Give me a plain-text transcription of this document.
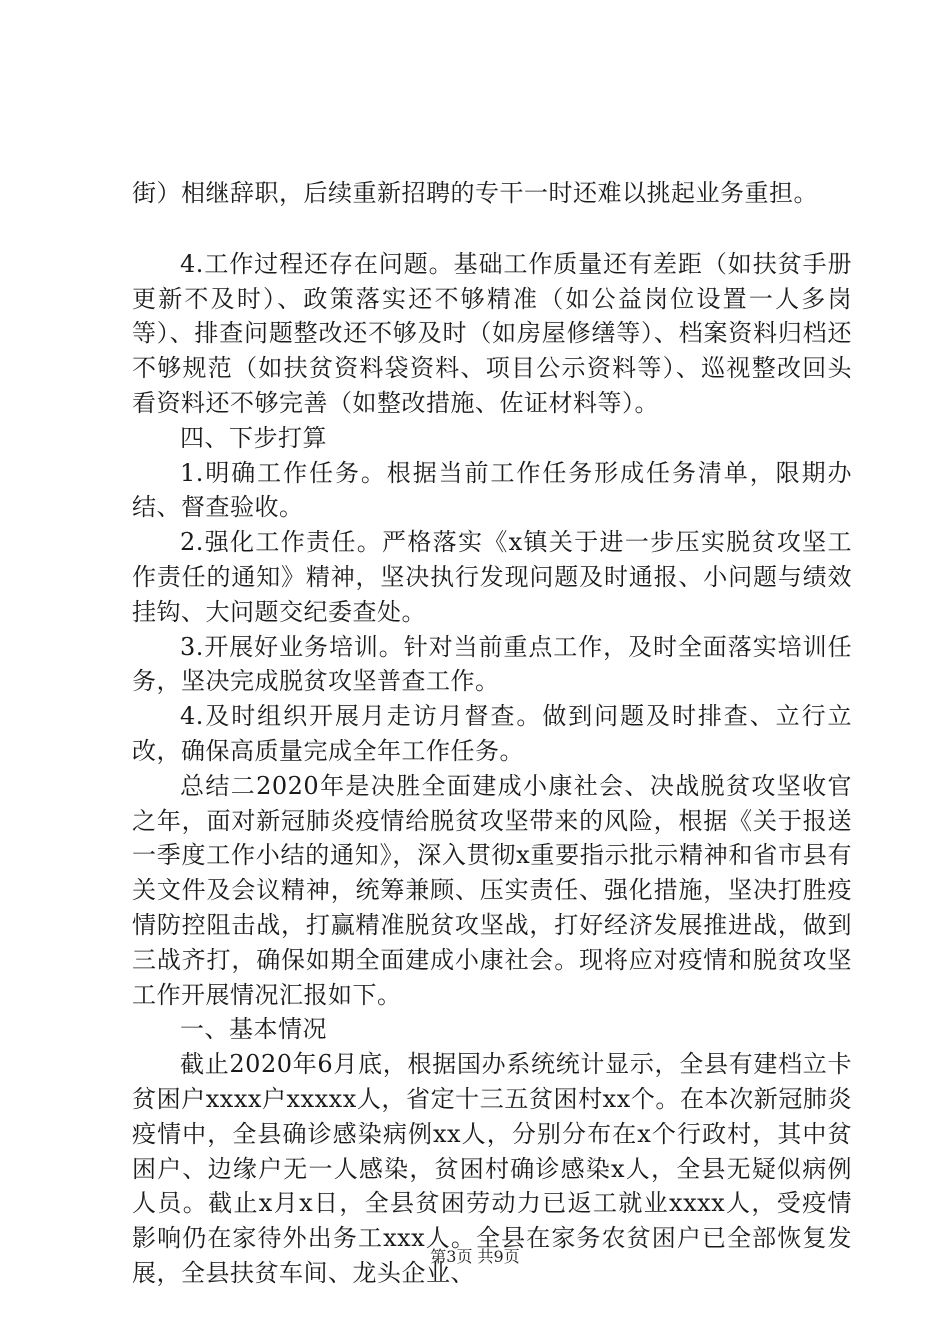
街）相继辞职，后续重新招聘的专干一时还难以挑起业务重担。

4.工作过程还存在问题。基础工作质量还有差距（如扶贫手册更新不及时）、政策落实还不够精准（如公益岗位设置一人多岗等）、排查问题整改还不够及时（如房屋修缮等）、档案资料归档还不够规范（如扶贫资料袋资料、项目公示资料等）、巡视整改回头看资料还不够完善（如整改措施、佐证材料等）。

四、下步打算

1.明确工作任务。根据当前工作任务形成任务清单，限期办结、督查验收。

2.强化工作责任。严格落实《x镇关于进一步压实脱贫攻坚工作责任的通知》精神，坚决执行发现问题及时通报、小问题与绩效挂钩、大问题交纪委查处。

3.开展好业务培训。针对当前重点工作，及时全面落实培训任务，坚决完成脱贫攻坚普查工作。

4.及时组织开展月走访月督查。做到问题及时排查、立行立改，确保高质量完成全年工作任务。

总结二2020年是决胜全面建成小康社会、决战脱贫攻坚收官之年，面对新冠肺炎疫情给脱贫攻坚带来的风险，根据《关于报送一季度工作小结的通知》，深入贯彻x重要指示批示精神和省市县有关文件及会议精神，统筹兼顾、压实责任、强化措施，坚决打胜疫情防控阻击战，打赢精准脱贫攻坚战，打好经济发展推进战，做到三战齐打，确保如期全面建成小康社会。现将应对疫情和脱贫攻坚工作开展情况汇报如下。

一、基本情况

截止2020年6月底，根据国办系统统计显示，全县有建档立卡贫困户xxxx户xxxxx人，省定十三五贫困村xx个。在本次新冠肺炎疫情中，全县确诊感染病例xx人，分别分布在x个行政村，其中贫困户、边缘户无一人感染，贫困村确诊感染x人，全县无疑似病例人员。截止x月x日，全县贫困劳动力已返工就业xxxx人，受疫情影响仍在家待外出务工xxx人。全县在家务农贫困户已全部恢复发展，全县扶贫车间、龙头企业、

第3页 共9页
